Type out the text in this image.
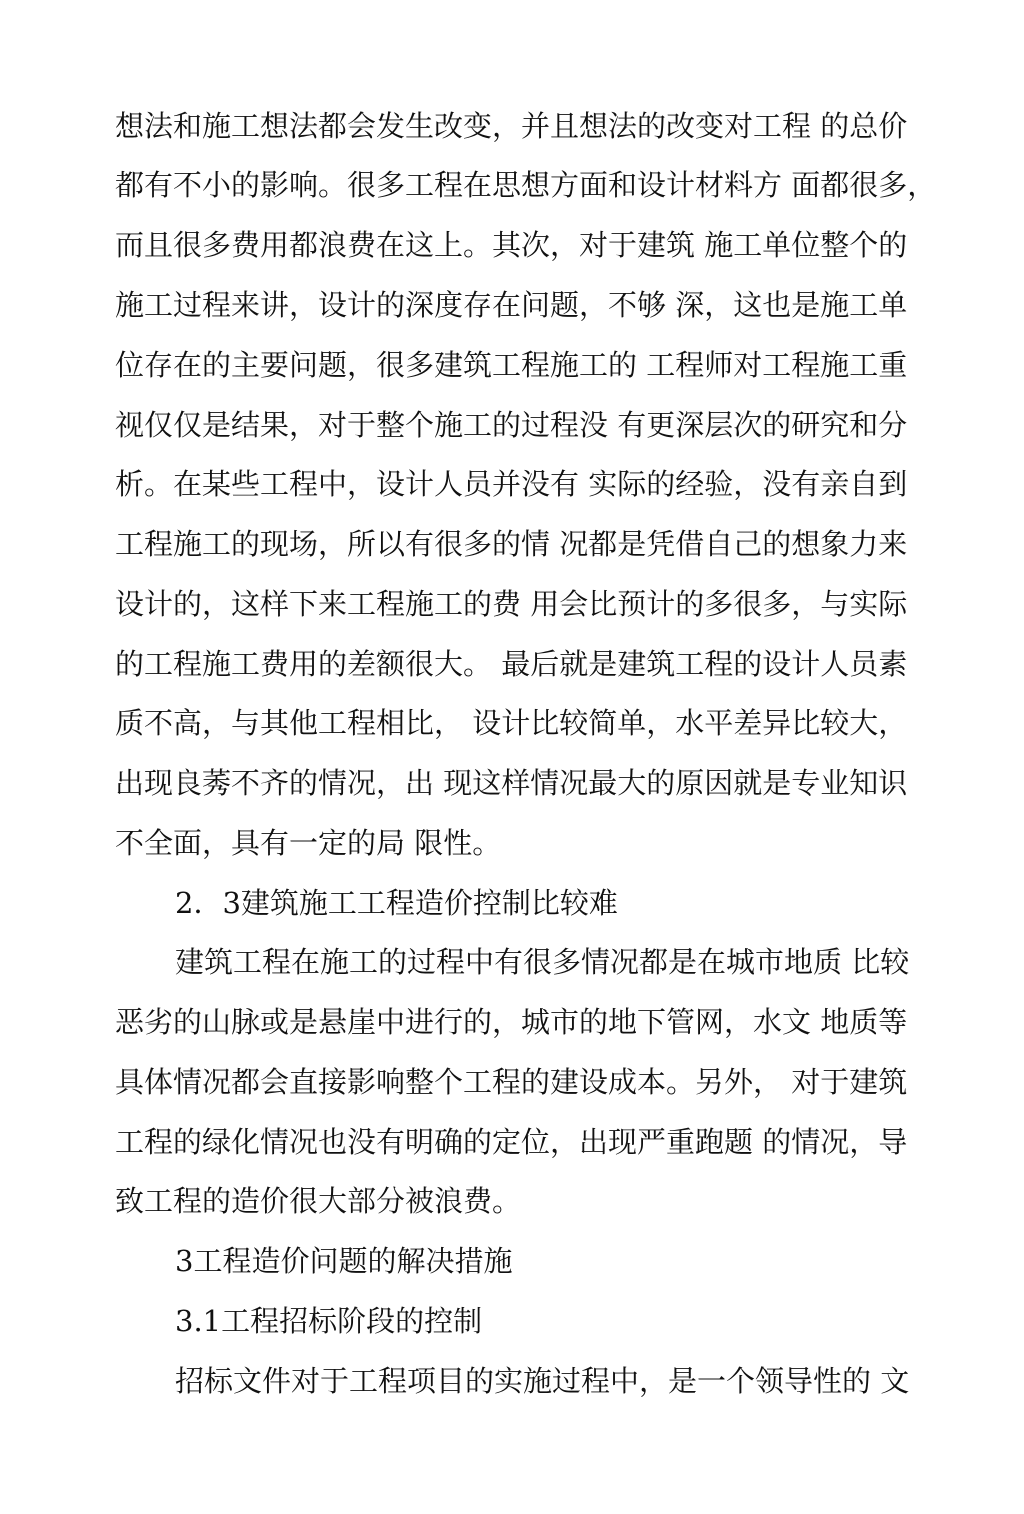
想法和施工想法都会发生改变，并且想法的改变对工程 的总价
都有不小的影响。很多工程在思想方面和设计材料方 面都很多，
而且很多费用都浪费在这上。其次，对于建筑 施工单位整个的
施工过程来讲，设计的深度存在问题，不够 深，这也是施工单
位存在的主要问题，很多建筑工程施工的 工程师对工程施工重
视仅仅是结果，对于整个施工的过程没 有更深层次的研究和分
析。在某些工程中，设计人员并没有 实际的经验，没有亲自到
工程施工的现场，所以有很多的情 况都是凭借自己的想象力来
设计的，这样下来工程施工的费 用会比预计的多很多，与实际
的工程施工费用的差额很大。 最后就是建筑工程的设计人员素
质不高，与其他工程相比， 设计比较简单，水平差异比较大，
出现良莠不齐的情况，出 现这样情况最大的原因就是专业知识
不全面，具有一定的局 限性。
2．3建筑施工工程造价控制比较难
建筑工程在施工的过程中有很多情况都是在城市地质 比较
恶劣的山脉或是悬崖中进行的，城市的地下管网，水文 地质等
具体情况都会直接影响整个工程的建设成本。另外， 对于建筑
工程的绿化情况也没有明确的定位，出现严重跑题 的情况，导
致工程的造价很大部分被浪费。
3工程造价问题的解决措施
3.1工程招标阶段的控制
招标文件对于工程项目的实施过程中，是一个领导性的 文
